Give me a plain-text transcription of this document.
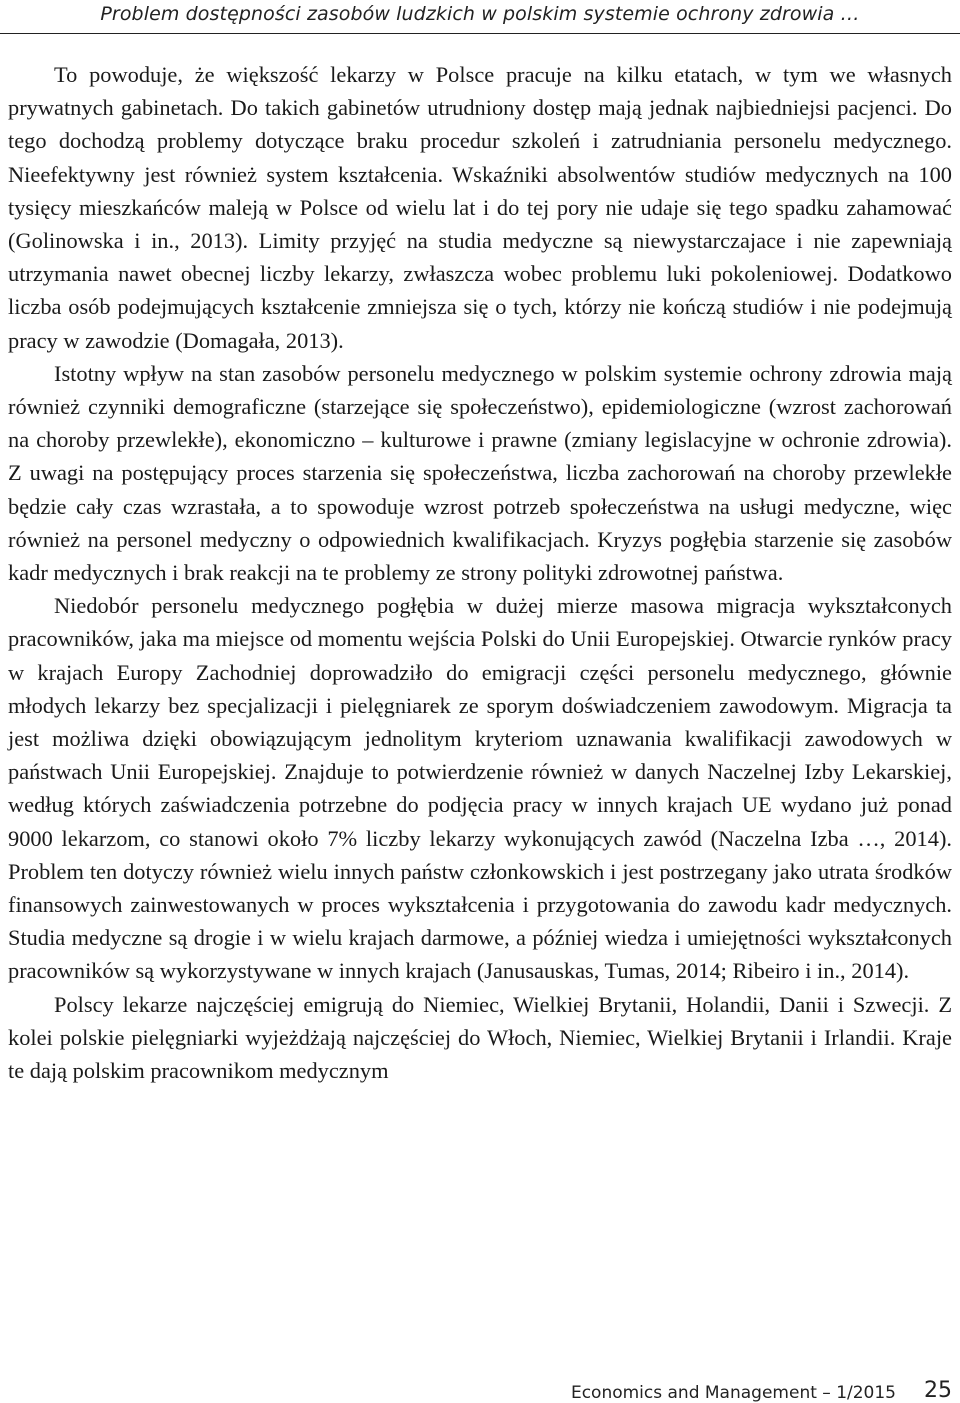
Problem dostępności zasobów ludzkich w polskim systemie ochrony zdrowia …

To powoduje, że większość lekarzy w Polsce pracuje na kilku etatach, w tym we własnych prywatnych gabinetach. Do takich gabinetów utrudniony dostęp mają jednak najbiedniejsi pacjenci. Do tego dochodzą problemy dotyczące braku procedur szkoleń i zatrudniania personelu medycznego. Nieefektywny jest również system kształcenia. Wskaźniki absolwentów studiów medycznych na 100 tysięcy mieszkańców maleją w Polsce od wielu lat i do tej pory nie udaje się tego spadku zahamować (Golinowska i in., 2013). Limity przyjęć na studia medyczne są niewystarczajace i nie zapewniają utrzymania nawet obecnej liczby lekarzy, zwłaszcza wobec problemu luki pokoleniowej. Dodatkowo liczba osób podejmujących kształcenie zmniejsza się o tych, którzy nie kończą studiów i nie podejmują pracy w zawodzie (Domagała, 2013).

Istotny wpływ na stan zasobów personelu medycznego w polskim systemie ochrony zdrowia mają również czynniki demograficzne (starzejące się społeczeństwo), epidemiologiczne (wzrost zachorowań na choroby przewlekłe), ekonomiczno – kulturowe i prawne (zmiany legislacyjne w ochronie zdrowia). Z uwagi na postępujący proces starzenia się społeczeństwa, liczba zachorowań na choroby przewlekłe będzie cały czas wzrastała, a to spowoduje wzrost potrzeb społeczeństwa na usługi medyczne, więc również na personel medyczny o odpowiednich kwalifikacjach. Kryzys pogłębia starzenie się zasobów kadr medycznych i brak reakcji na te problemy ze strony polityki zdrowotnej państwa.

Niedobór personelu medycznego pogłębia w dużej mierze masowa migracja wykształconych pracowników, jaka ma miejsce od momentu wejścia Polski do Unii Europejskiej. Otwarcie rynków pracy w krajach Europy Zachodniej doprowadziło do emigracji części personelu medycznego, głównie młodych lekarzy bez specjalizacji i pielęgniarek ze sporym doświadczeniem zawodowym. Migracja ta jest możliwa dzięki obowiązującym jednolitym kryteriom uznawania kwalifikacji zawodowych w państwach Unii Europejskiej. Znajduje to potwierdzenie również w danych Naczelnej Izby Lekarskiej, według których zaświadczenia potrzebne do podjęcia pracy w innych krajach UE wydano już ponad 9000 lekarzom, co stanowi około 7% liczby lekarzy wykonujących zawód (Naczelna Izba …, 2014). Problem ten dotyczy również wielu innych państw członkowskich i jest postrzegany jako utrata środków finansowych zainwestowanych w proces wykształcenia i przygotowania do zawodu kadr medycznych. Studia medyczne są drogie i w wielu krajach darmowe, a później wiedza i umiejętności wykształconych pracowników są wykorzystywane w innych krajach (Janusauskas, Tumas, 2014; Ribeiro i in., 2014).

Polscy lekarze najczęściej emigrują do Niemiec, Wielkiej Brytanii, Holandii, Danii i Szwecji. Z kolei polskie pielęgniarki wyjeżdżają najczęściej do Włoch, Niemiec, Wielkiej Brytanii i Irlandii. Kraje te dają polskim pracownikom medycznym

Economics and Management – 1/2015 25
